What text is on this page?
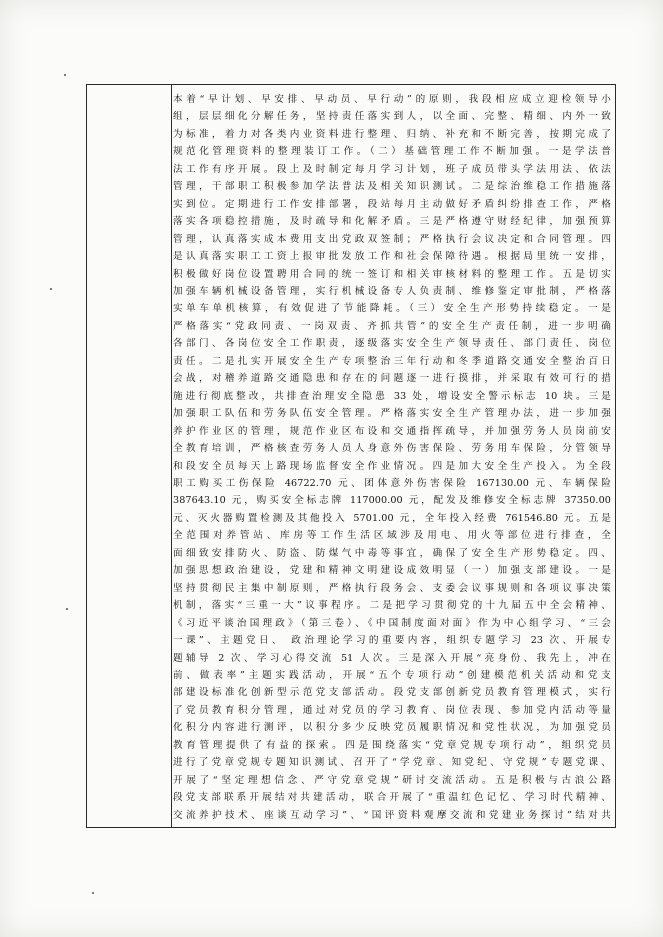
本着“早计划、早安排、早动员、早行动”的原则，我段相应成立迎检领导小

组，层层细化分解任务，坚持责任落实到人，以全面、完整、精细、内外一致

为标准，着力对各类内业资料进行整理、归纳、补充和不断完善，按期完成了

规范化管理资料的整理装订工作。（二）基础管理工作不断加强。一是学法普

法工作有序开展。段上及时制定每月学习计划，班子成员带头学法用法、依法

管理，干部职工积极参加学法普法及相关知识测试。二是综治维稳工作措施落

实到位。定期进行工作安排部署，段站每月主动做好矛盾纠纷排查工作，严格

落实各项稳控措施，及时疏导和化解矛盾。三是严格遵守财经纪律，加强预算

管理，认真落实成本费用支出党政双签制；严格执行会议决定和合同管理。四

是认真落实职工工资上报审批发放工作和社会保障待遇。根据局里统一安排，

积极做好岗位设置聘用合同的统一签订和相关审核材料的整理工作。五是切实

加强车辆机械设备管理，实行机械设备专人负责制、维修鉴定审批制，严格落

实单车单机核算，有效促进了节能降耗。（三）安全生产形势持续稳定。一是

严格落实“党政同责、一岗双责、齐抓共管”的安全生产责任制，进一步明确

各部门、各岗位安全工作职责，逐级落实安全生产领导责任、部门责任、岗位

责任。二是扎实开展安全生产专项整治三年行动和冬季道路交通安全整治百日

会战，对稽养道路交通隐患和存在的问题逐一进行摸排，并采取有效可行的措

施进行彻底整改，共排查治理安全隐患 33 处，增设安全警示标志 10 块。三是

加强职工队伍和劳务队伍安全管理。严格落实安全生产管理办法，进一步加强

养护作业区的管理，规范作业区布设和交通指挥疏导，并加强劳务人员岗前安

全教育培训，严格核查劳务人员人身意外伤害保险、劳务用车保险，分管领导

和段安全员每天上路现场监督安全作业情况。四是加大安全生产投入。为全段

职工购买工伤保险 46722.70 元、团体意外伤害保险 167130.00 元、车辆保险

387643.10 元，购买安全标志牌 117000.00 元，配发及维修安全标志牌 37350.00

元、灭火器购置检测及其他投入 5701.00 元，全年投入经费 761546.80 元。五是

全范围对养管站、库房等工作生活区域涉及用电、用火等部位进行排查，全

面细致安排防火、防盗、防煤气中毒等事宜，确保了安全生产形势稳定。四、

加强思想政治建设，党建和精神文明建设成效明显（一）加强支部建设。一是

坚持贯彻民主集中制原则，严格执行段务会、支委会议事规则和各项议事决策

机制，落实“三重一大”议事程序。二是把学习贯彻党的十九届五中全会精神、

《习近平谈治国理政》（第三卷）、《中国制度面对面》作为中心组学习、“三会

一课”、主题党日、 政治理论学习的重要内容，组织专题学习 23 次、开展专

题辅导 2 次、学习心得交流 51 人次。三是深入开展“亮身份、我先上，冲在

前、做表率”主题实践活动，开展“五个专项行动”创建模范机关活动和党支

部建设标准化创新型示范党支部活动。段党支部创新党员教育管理模式，实行

了党员教育积分管理，通过对党员的学习教育、岗位表现、参加党内活动等量

化积分内容进行测评，以积分多少反映党员履职情况和党性状况，为加强党员

教育管理提供了有益的探索。四是围绕落实“党章党规专项行动”，组织党员

进行了党章党规专题知识测试、召开了“学党章、知党纪、守党规”专题党课、

开展了“坚定理想信念、严守党章党规”研讨交流活动。五是积极与古浪公路

段党支部联系开展结对共建活动，联合开展了“重温红色记忆、学习时代精神、

交流养护技术、座谈互动学习”、“国评资料观摩交流和党建业务探讨”结对共
